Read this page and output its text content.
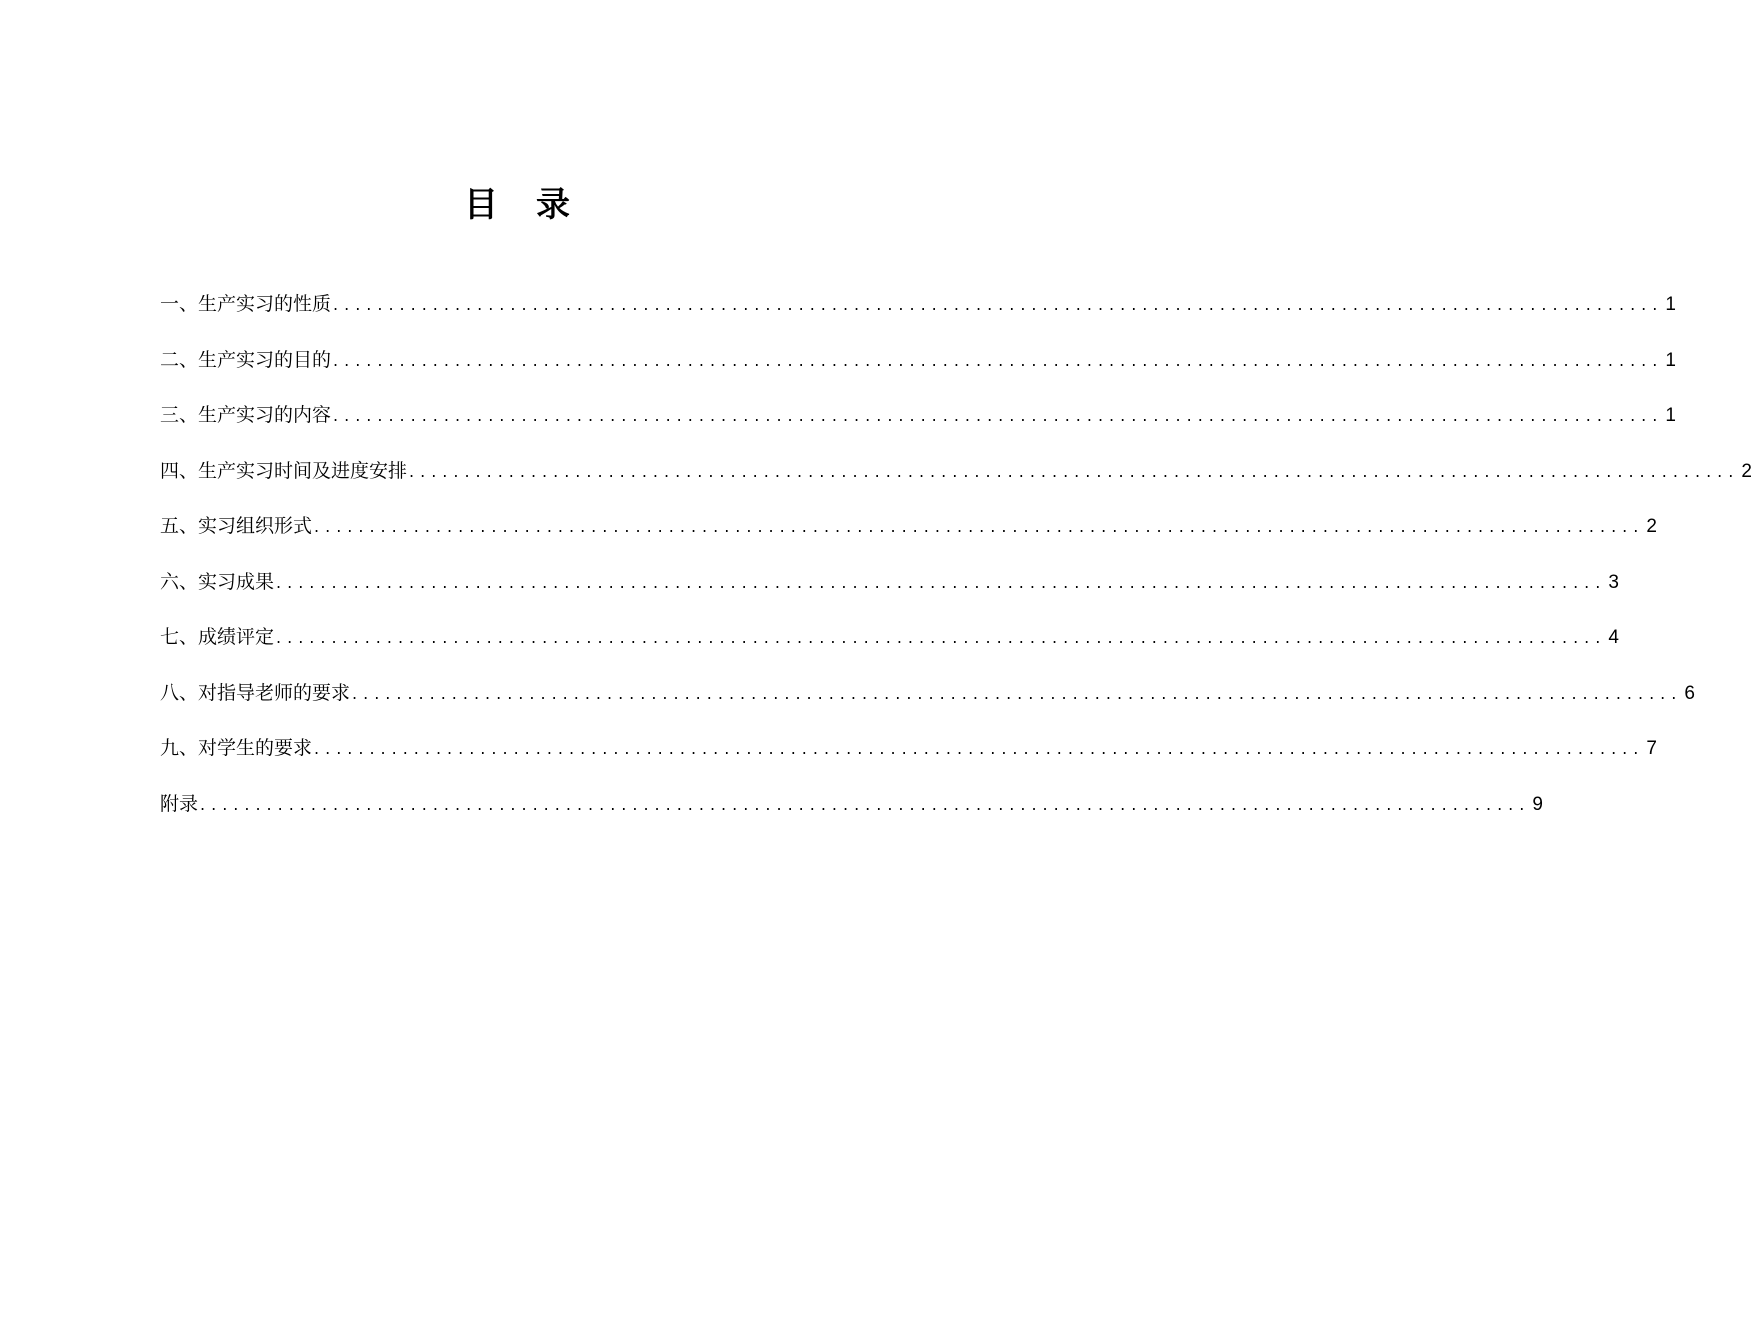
目 录
一、生产实习的性质 ........................................................................................................................ 1
二、生产实习的目的 ........................................................................................................................ 1
三、生产实习的内容 ........................................................................................................................ 1
四、生产实习时间及进度安排 ........................................................................................................................ 2
五、实习组织形式 ........................................................................................................................ 2
六、实习成果 ........................................................................................................................ 3
七、成绩评定 ........................................................................................................................ 4
八、对指导老师的要求 ........................................................................................................................ 6
九、对学生的要求 ........................................................................................................................ 7
附录 ........................................................................................................................ 9
